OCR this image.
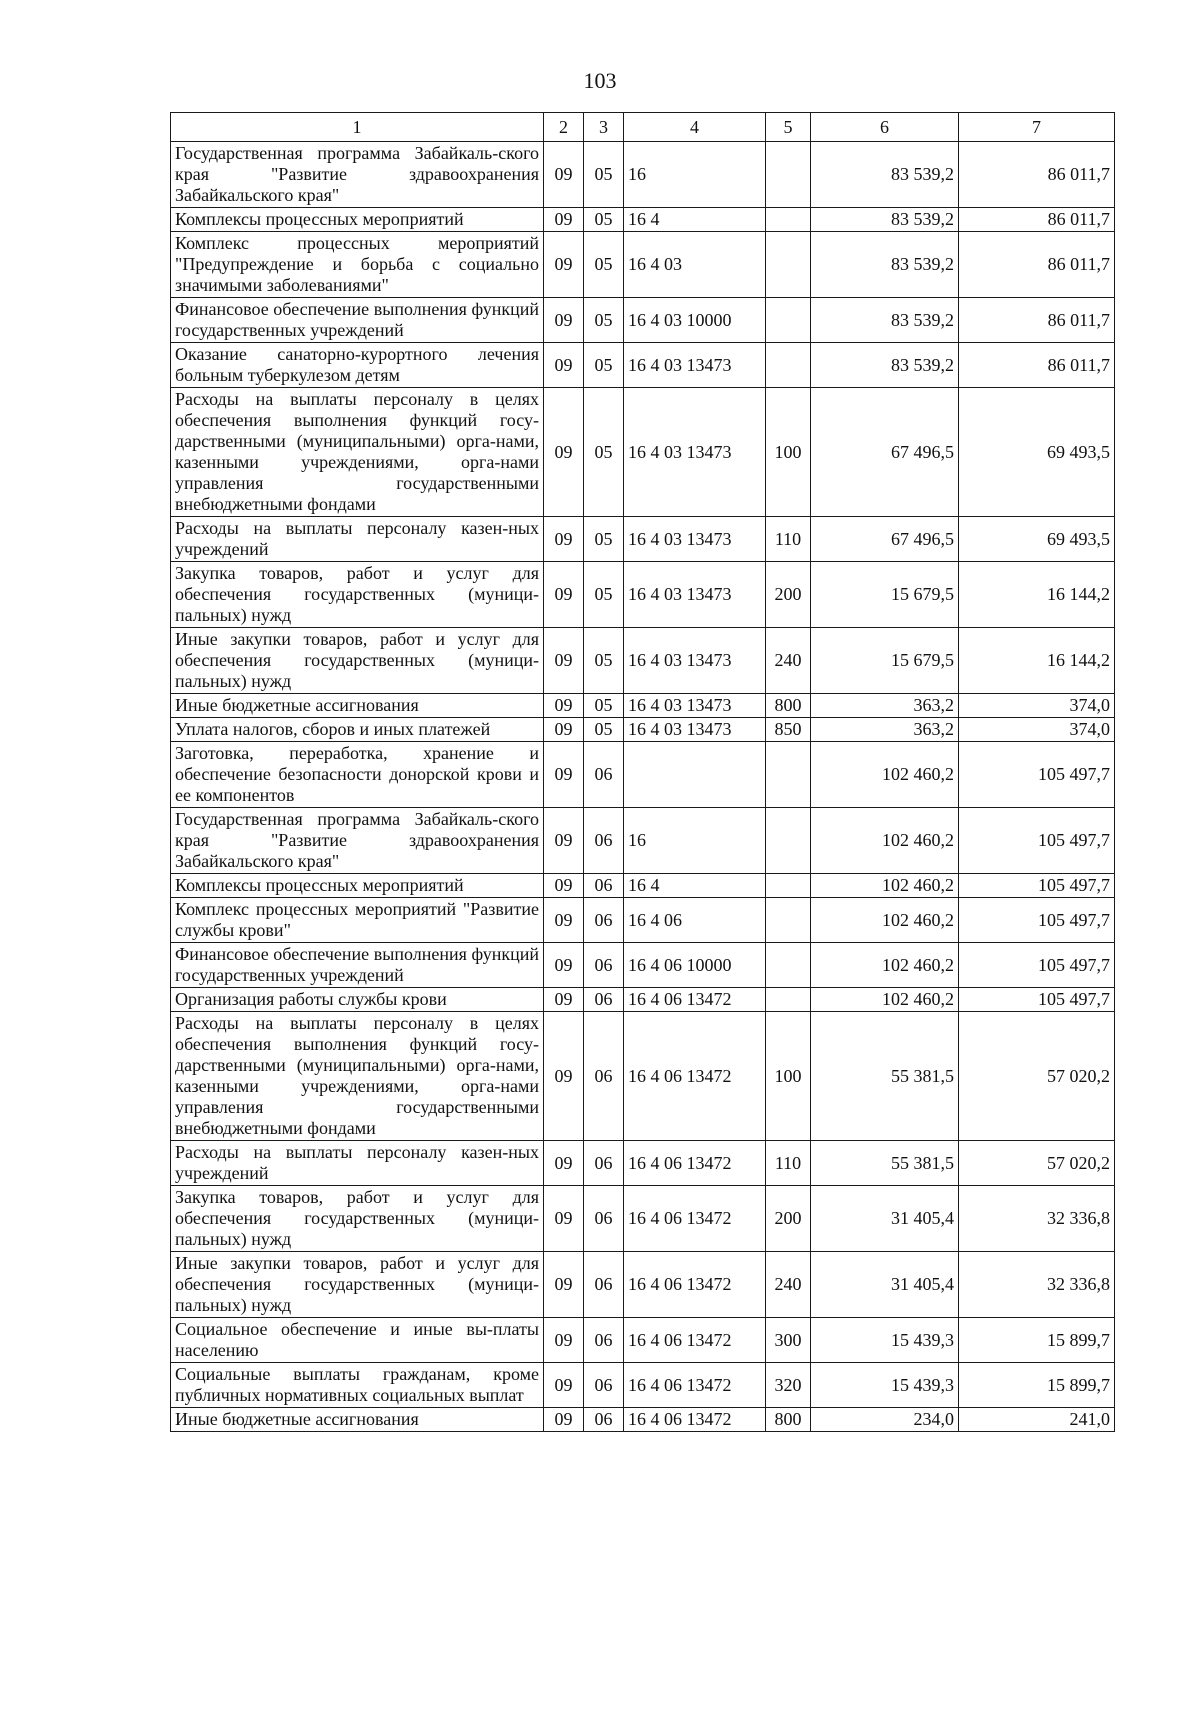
103
1	2	3	4	5	6	7
Государственная программа Забайкаль-ского края "Развитие здравоохранения Забайкальского края"	09	05	16		83 539,2	86 011,7
Комплексы процессных мероприятий	09	05	16 4		83 539,2	86 011,7
Комплекс процессных мероприятий "Предупреждение и борьба с социально значимыми заболеваниями"	09	05	16 4 03		83 539,2	86 011,7
Финансовое обеспечение выполнения функций государственных учреждений	09	05	16 4 03 10000		83 539,2	86 011,7
Оказание санаторно-курортного лечения больным туберкулезом детям	09	05	16 4 03 13473		83 539,2	86 011,7
Расходы на выплаты персоналу в целях обеспечения выполнения функций госу-дарственными (муниципальными) орга-нами, казенными учреждениями, орга-нами управления государственными внебюджетными фондами	09	05	16 4 03 13473	100	67 496,5	69 493,5
Расходы на выплаты персоналу казен-ных учреждений	09	05	16 4 03 13473	110	67 496,5	69 493,5
Закупка товаров, работ и услуг для обеспечения государственных (муници-пальных) нужд	09	05	16 4 03 13473	200	15 679,5	16 144,2
Иные закупки товаров, работ и услуг для обеспечения государственных (муници-пальных) нужд	09	05	16 4 03 13473	240	15 679,5	16 144,2
Иные бюджетные ассигнования	09	05	16 4 03 13473	800	363,2	374,0
Уплата налогов, сборов и иных платежей	09	05	16 4 03 13473	850	363,2	374,0
Заготовка, переработка, хранение и обеспечение безопасности донорской крови и ее компонентов	09	06			102 460,2	105 497,7
Государственная программа Забайкаль-ского края "Развитие здравоохранения Забайкальского края"	09	06	16		102 460,2	105 497,7
Комплексы процессных мероприятий	09	06	16 4		102 460,2	105 497,7
Комплекс процессных мероприятий "Развитие службы крови"	09	06	16 4 06		102 460,2	105 497,7
Финансовое обеспечение выполнения функций государственных учреждений	09	06	16 4 06 10000		102 460,2	105 497,7
Организация работы службы крови	09	06	16 4 06 13472		102 460,2	105 497,7
Расходы на выплаты персоналу в целях обеспечения выполнения функций госу-дарственными (муниципальными) орга-нами, казенными учреждениями, орга-нами управления государственными внебюджетными фондами	09	06	16 4 06 13472	100	55 381,5	57 020,2
Расходы на выплаты персоналу казен-ных учреждений	09	06	16 4 06 13472	110	55 381,5	57 020,2
Закупка товаров, работ и услуг для обеспечения государственных (муници-пальных) нужд	09	06	16 4 06 13472	200	31 405,4	32 336,8
Иные закупки товаров, работ и услуг для обеспечения государственных (муници-пальных) нужд	09	06	16 4 06 13472	240	31 405,4	32 336,8
Социальное обеспечение и иные вы-платы населению	09	06	16 4 06 13472	300	15 439,3	15 899,7
Социальные выплаты гражданам, кроме публичных нормативных социальных выплат	09	06	16 4 06 13472	320	15 439,3	15 899,7
Иные бюджетные ассигнования	09	06	16 4 06 13472	800	234,0	241,0
